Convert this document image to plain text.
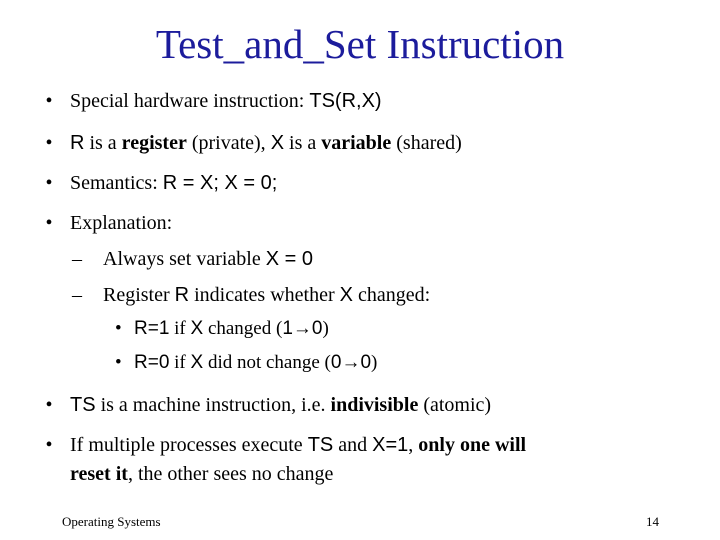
Test_and_Set Instruction
• Special hardware instruction: TS(R,X)
• R is a register (private), X is a variable (shared)
• Semantics: R = X; X = 0;
• Explanation:
– Always set variable X = 0
– Register R indicates whether X changed:
• R=1 if X changed (1→0)
• R=0 if X did not change (0→0)
• TS is a machine instruction, i.e. indivisible (atomic)
• If multiple processes execute TS and X=1, only one will
reset it, the other sees no change
Operating Systems	14
